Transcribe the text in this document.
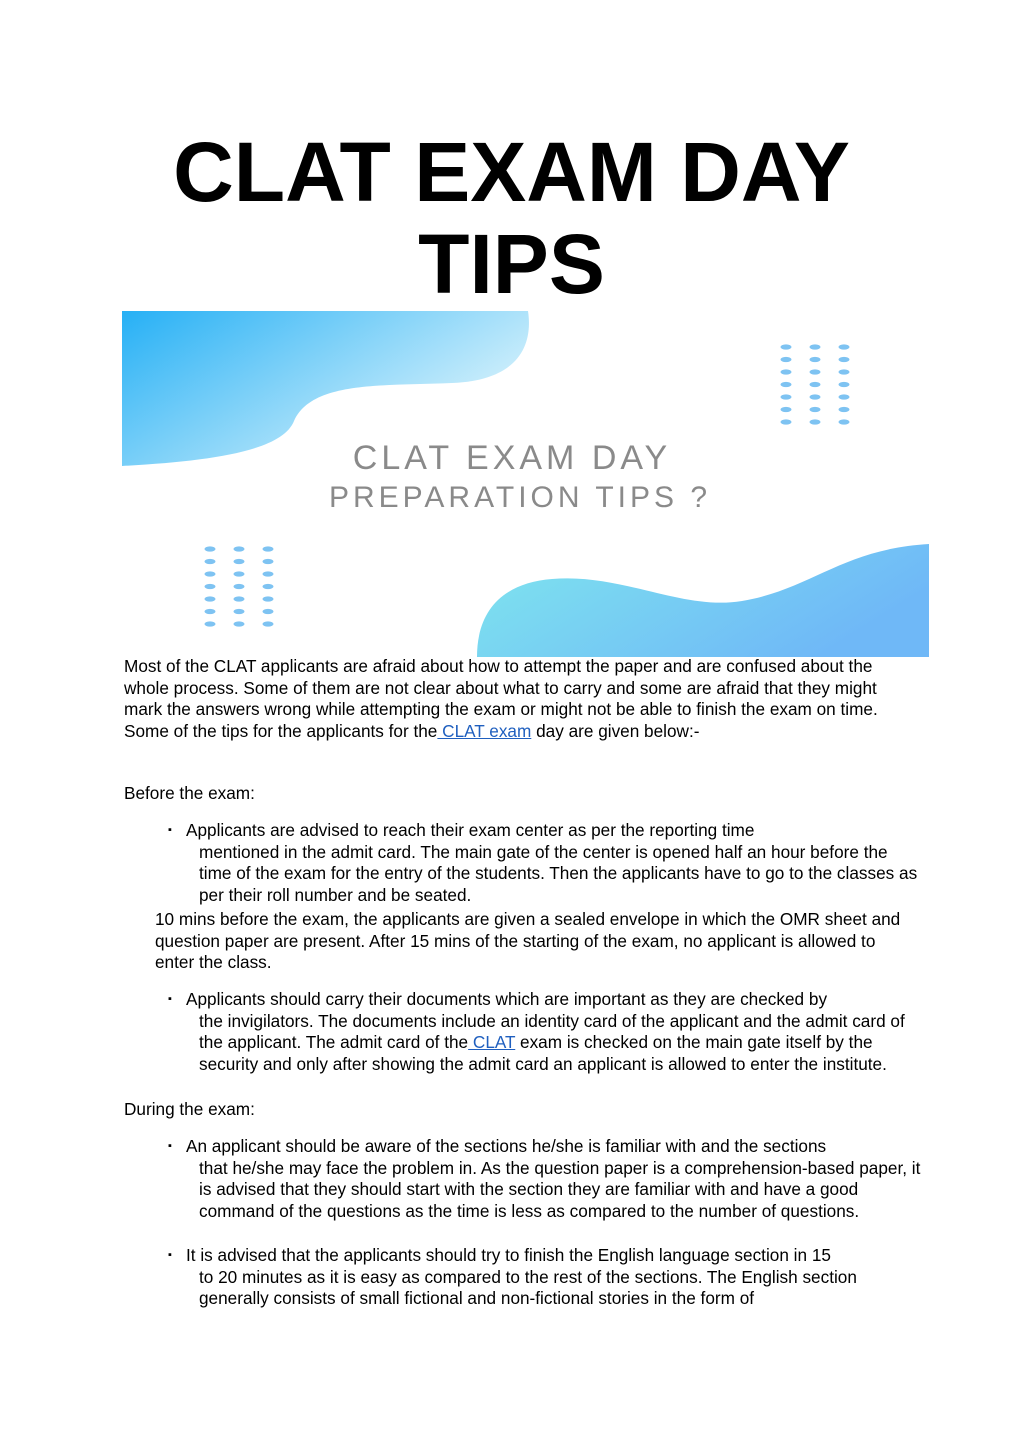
CLAT EXAM DAY
TIPS
CLAT EXAM DAY
PREPARATION TIPS ?

Most of the CLAT applicants are afraid about how to attempt the paper and are confused about the whole process. Some of them are not clear about what to carry and some are afraid that they might mark the answers wrong while attempting the exam or might not be able to finish the exam on time. Some of the tips for the applicants for the CLAT exam day are given below:-

Before the exam:

▪ Applicants are advised to reach their exam center as per the reporting time

mentioned in the admit card. The main gate of the center is opened half an hour before the time of the exam for the entry of the students. Then the applicants have to go to the classes as per their roll number and be seated.

10 mins before the exam, the applicants are given a sealed envelope in which the OMR sheet and question paper are present. After 15 mins of the starting of the exam, no applicant is allowed to enter the class.

▪ Applicants should carry their documents which are important as they are checked by

the invigilators. The documents include an identity card of the applicant and the admit card of the applicant. The admit card of the CLAT exam is checked on the main gate itself by the security and only after showing the admit card an applicant is allowed to enter the institute.

During the exam:

▪ An applicant should be aware of the sections he/she is familiar with and the sections

that he/she may face the problem in. As the question paper is a comprehension-based paper, it is advised that they should start with the section they are familiar with and have a good command of the questions as the time is less as compared to the number of questions.
▪ It is advised that the applicants should try to finish the English language section in 15

to 20 minutes as it is easy as compared to the rest of the sections. The English section generally consists of small fictional and non-fictional stories in the form of
